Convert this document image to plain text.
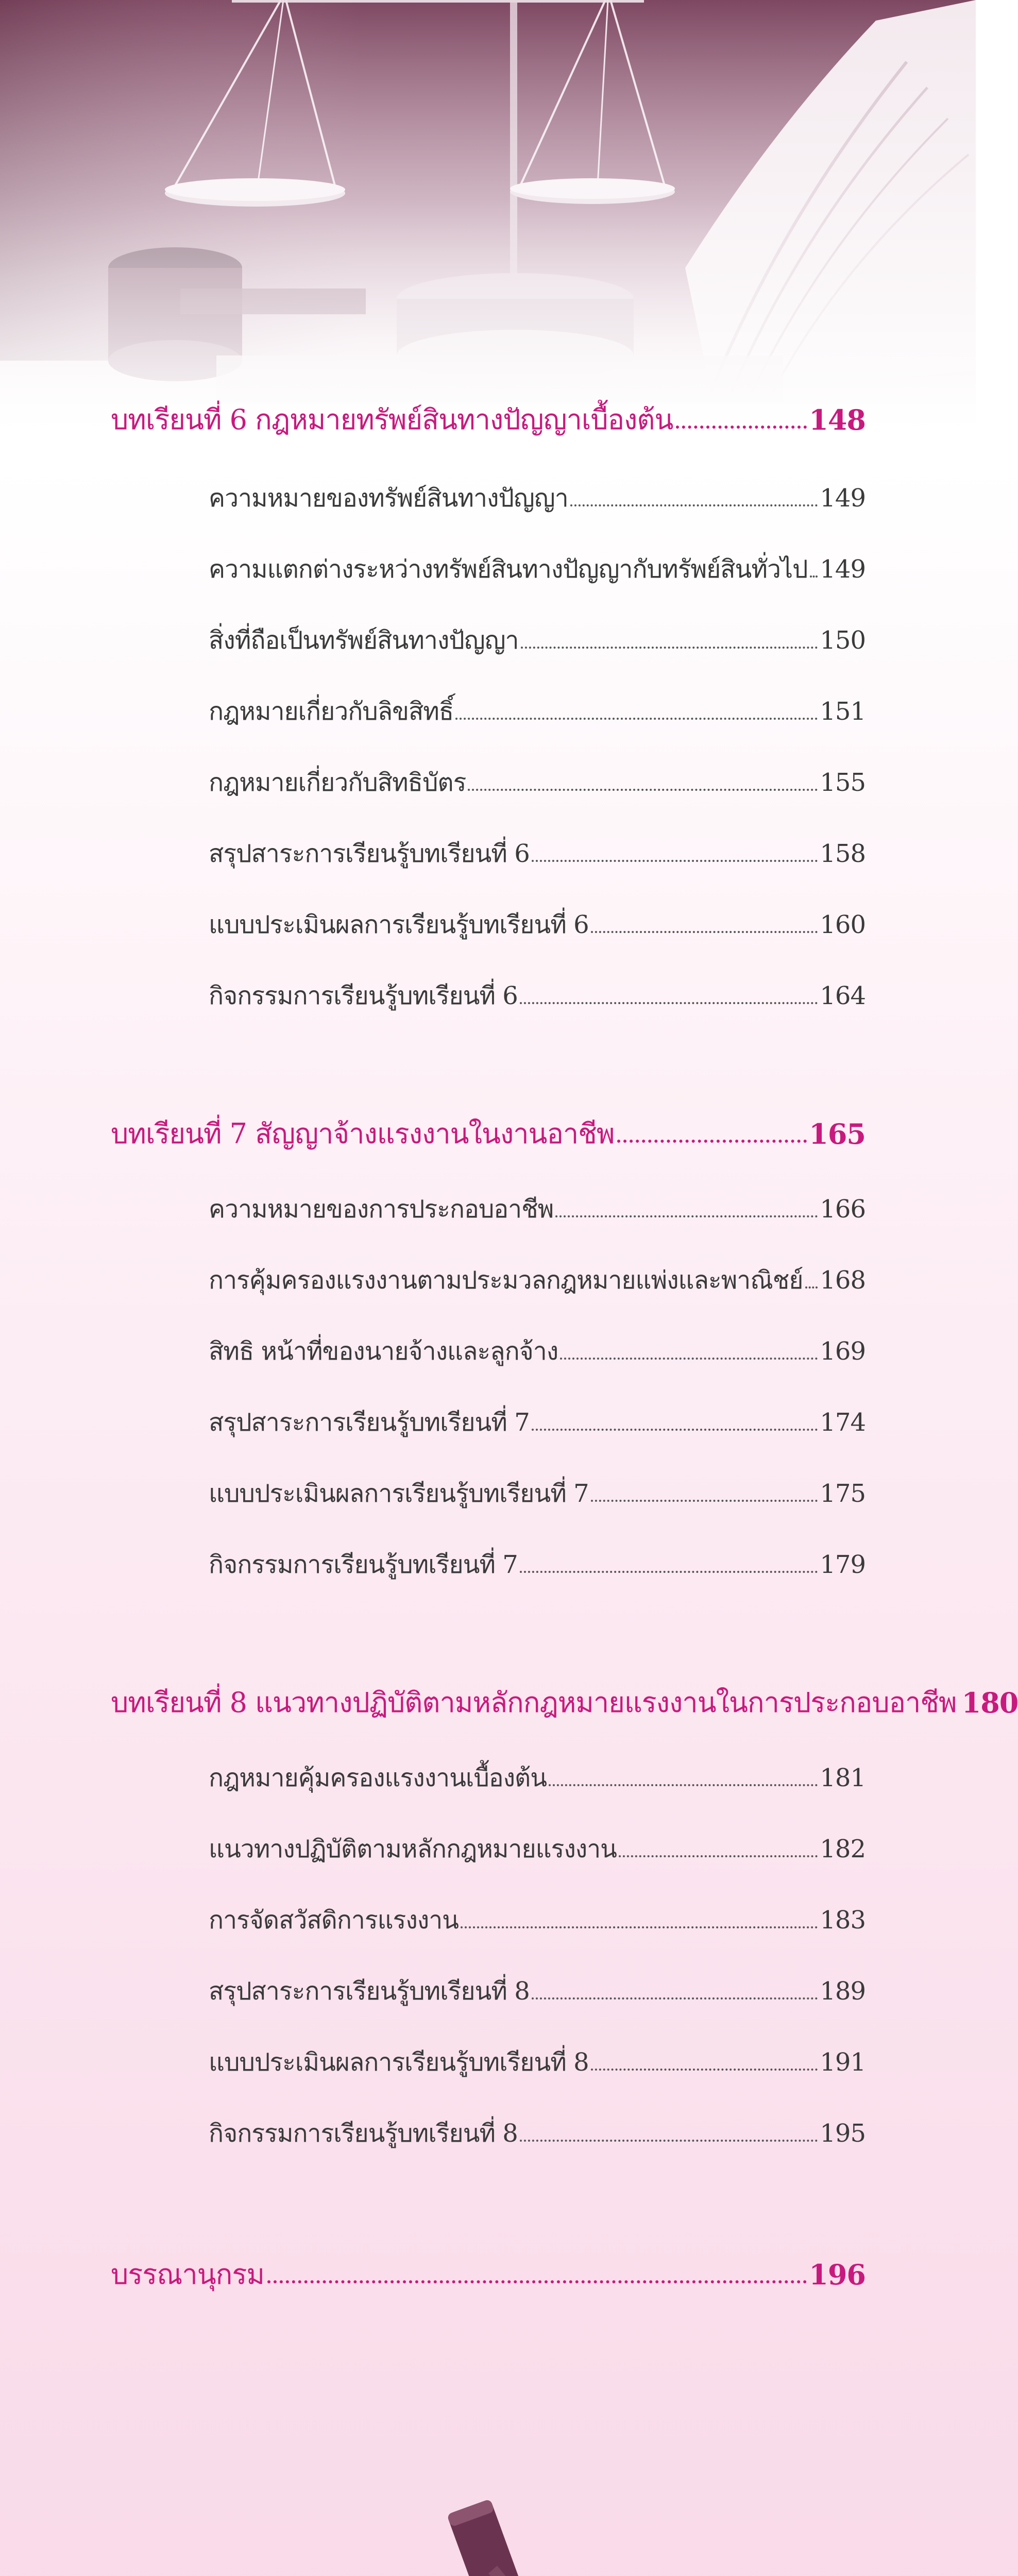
บทเรียนที่ 6 กฎหมายทรัพย์สินทางปัญญาเบื้องต้น	148
ความหมายของทรัพย์สินทางปัญญา	149
ความแตกต่างระหว่างทรัพย์สินทางปัญญากับทรัพย์สินทั่วไป 149
สิ่งที่ถือเป็นทรัพย์สินทางปัญญา	150
กฎหมายเกี่ยวกับลิขสิทธิ์	151
กฎหมายเกี่ยวกับสิทธิบัตร	155
สรุปสาระการเรียนรู้บทเรียนที่ 6	158
แบบประเมินผลการเรียนรู้บทเรียนที่ 6	160
กิจกรรมการเรียนรู้บทเรียนที่ 6	164
บทเรียนที่ 7 สัญญาจ้างแรงงานในงานอาชีพ	165
ความหมายของการประกอบอาชีพ	166
การคุ้มครองแรงงานตามประมวลกฎหมายแพ่งและพาณิชย์ 168
สิทธิ หน้าที่ของนายจ้างและลูกจ้าง	169
สรุปสาระการเรียนรู้บทเรียนที่ 7	174
แบบประเมินผลการเรียนรู้บทเรียนที่ 7	175
กิจกรรมการเรียนรู้บทเรียนที่ 7	179
บทเรียนที่ 8 แนวทางปฏิบัติตามหลักกฎหมายแรงงานในการประกอบอาชีพ 180
กฎหมายคุ้มครองแรงงานเบื้องต้น	181
แนวทางปฏิบัติตามหลักกฎหมายแรงงาน	182
การจัดสวัสดิการแรงงาน	183
สรุปสาระการเรียนรู้บทเรียนที่ 8	189
แบบประเมินผลการเรียนรู้บทเรียนที่ 8	191
กิจกรรมการเรียนรู้บทเรียนที่ 8	195
บรรณานุกรม	196
